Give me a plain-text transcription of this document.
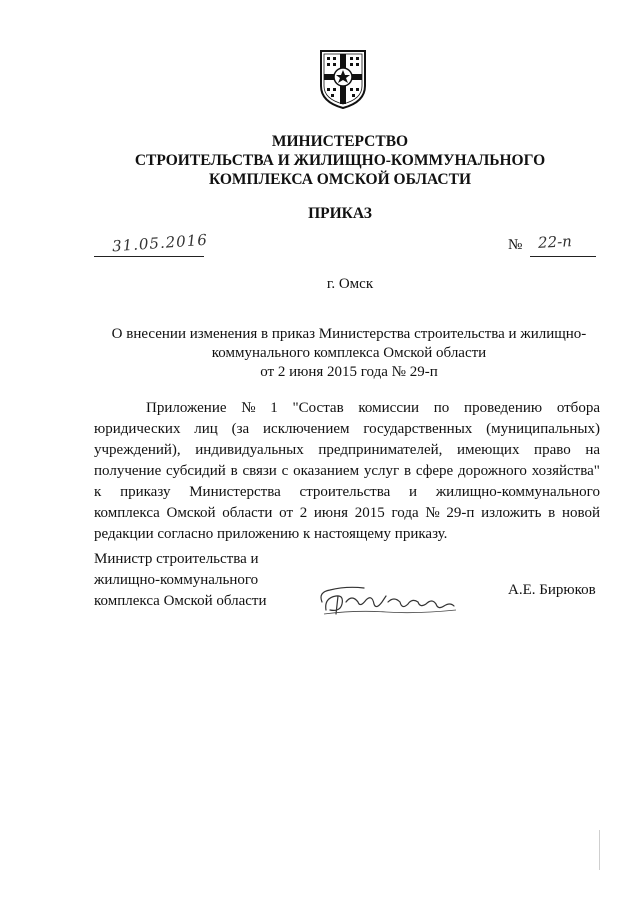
МИНИСТЕРСТВО
СТРОИТЕЛЬСТВА И ЖИЛИЩНО-КОММУНАЛЬНОГО
КОМПЛЕКСА ОМСКОЙ ОБЛАСТИ
ПРИКАЗ
31.05.2016	№ 22-п
г. Омск
О внесении изменения в приказ Министерства строительства и жилищно-
коммунального комплекса Омской области
от 2 июня 2015 года № 29-п
Приложение № 1 "Состав комиссии по проведению отбора
юридических лиц (за исключением государственных (муниципальных)
учреждений), индивидуальных предпринимателей, имеющих право на
получение субсидий в связи с оказанием услуг в сфере дорожного хозяйства"
к приказу Министерства строительства и жилищно-коммунального
комплекса Омской области от 2 июня 2015 года № 29-п изложить в новой
редакции согласно приложению к настоящему приказу.
Министр строительства и
жилищно-коммунального
комплекса Омской области
А.Е. Бирюков
